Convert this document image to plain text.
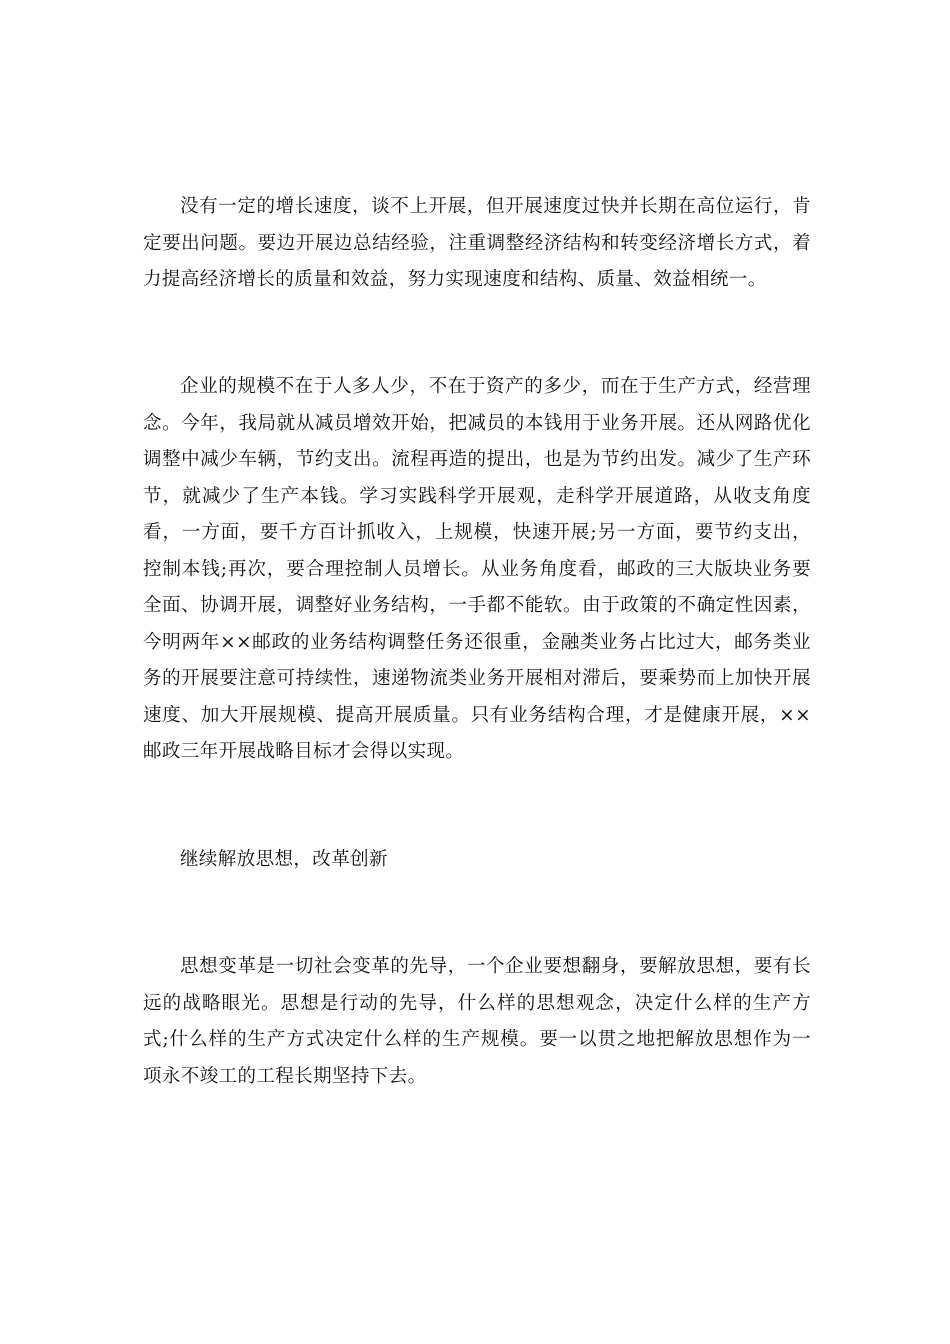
没有一定的增长速度，谈不上开展，但开展速度过快并长期在高位运行，肯定要出问题。要边开展边总结经验，注重调整经济结构和转变经济增长方式，着力提高经济增长的质量和效益，努力实现速度和结构、质量、效益相统一。

企业的规模不在于人多人少，不在于资产的多少，而在于生产方式，经营理念。今年，我局就从减员增效开始，把减员的本钱用于业务开展。还从网路优化调整中减少车辆，节约支出。流程再造的提出，也是为节约出发。减少了生产环节，就减少了生产本钱。学习实践科学开展观，走科学开展道路，从收支角度看，一方面，要千方百计抓收入，上规模，快速开展;另一方面，要节约支出，控制本钱;再次，要合理控制人员增长。从业务角度看，邮政的三大版块业务要全面、协调开展，调整好业务结构，一手都不能软。由于政策的不确定性因素，今明两年××邮政的业务结构调整任务还很重，金融类业务占比过大，邮务类业务的开展要注意可持续性，速递物流类业务开展相对滞后，要乘势而上加快开展速度、加大开展规模、提高开展质量。只有业务结构合理，才是健康开展，××邮政三年开展战略目标才会得以实现。

继续解放思想，改革创新

思想变革是一切社会变革的先导，一个企业要想翻身，要解放思想，要有长远的战略眼光。思想是行动的先导，什么样的思想观念，决定什么样的生产方式;什么样的生产方式决定什么样的生产规模。要一以贯之地把解放思想作为一项永不竣工的工程长期坚持下去。
